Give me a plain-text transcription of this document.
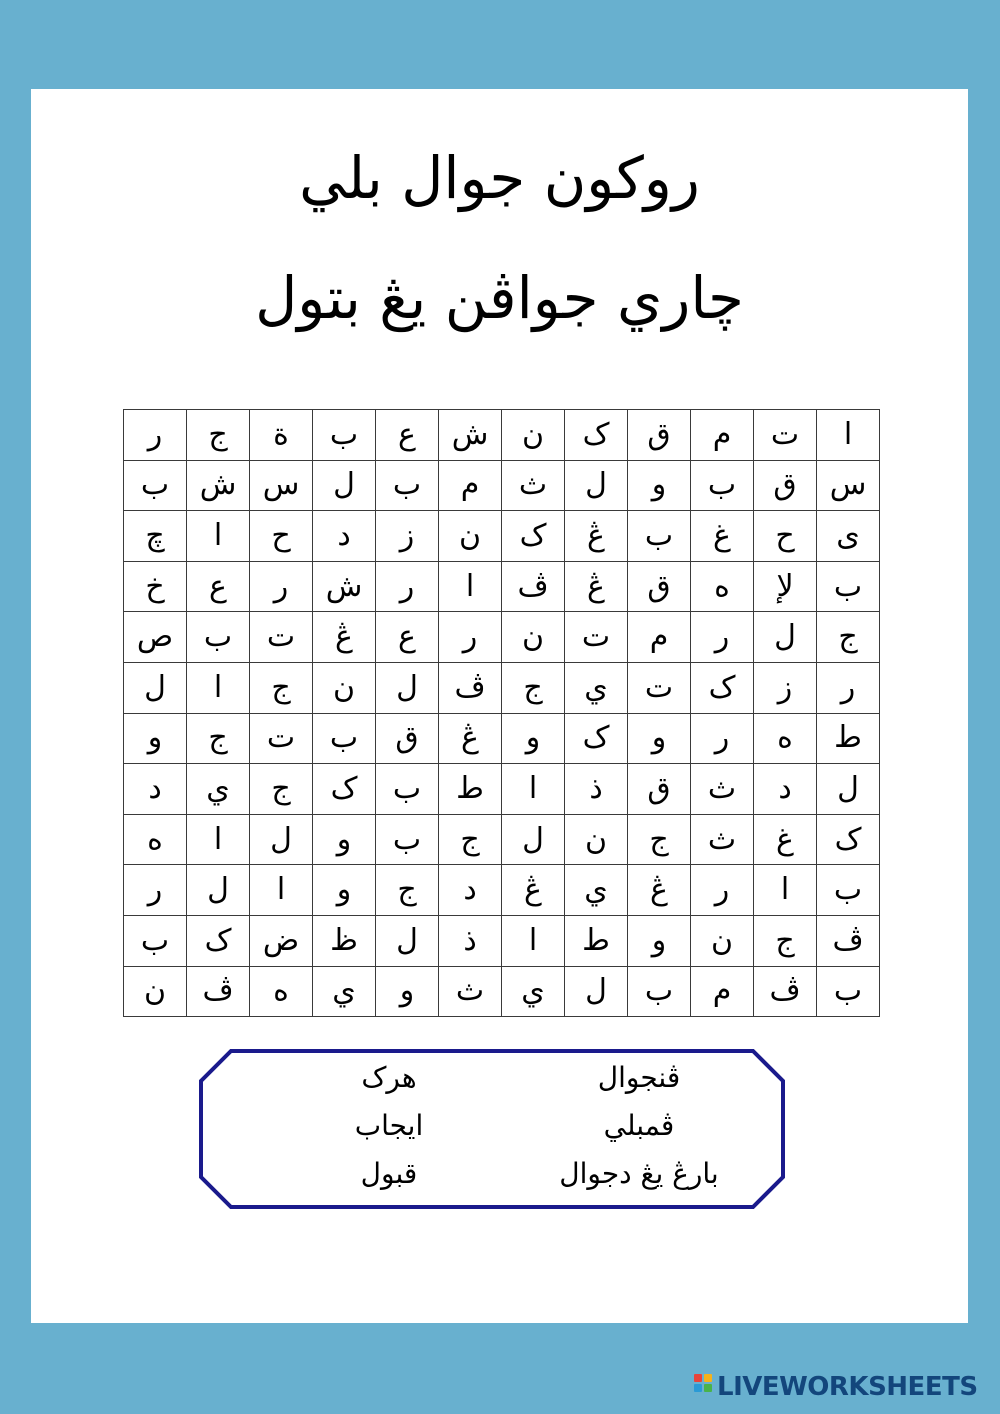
روكون جوال بلي
چاري جواڤن يڠ بتول
ا	ت	م	ق	ک	ن	ش	ع	ب	ة	ج	ر
س	ق	ب	و	ل	ث	م	ب	ل	س	ش	ب
ى	ح	غ	ب	ڠ	ک	ن	ز	د	ح	ا	چ
ب	لإ	ه	ق	ڠ	ڤ	ا	ر	ش	ر	ع	خ
ج	ل	ر	م	ت	ن	ر	ع	ڠ	ت	ب	ص
ر	ز	ک	ت	ي	ج	ڤ	ل	ن	ج	ا	ل
ط	ه	ر	و	ک	و	ڠ	ق	ب	ت	ج	و
ل	د	ث	ق	ذ	ا	ط	ب	ک	ج	ي	د
ک	غ	ث	ج	ن	ل	ج	ب	و	ل	ا	ه
ب	ا	ر	ڠ	ي	ڠ	د	ج	و	ا	ل	ر
ڤ	ج	ن	و	ط	ا	ذ	ل	ظ	ض	ک	ب
ب	ڤ	م	ب	ل	ي	ث	و	ي	ه	ڤ	ن
ڤنجوال
ڤمبلي
بارڠ يڠ دجوال
هرک
ايجاب
قبول
LIVEWORKSHEETS
